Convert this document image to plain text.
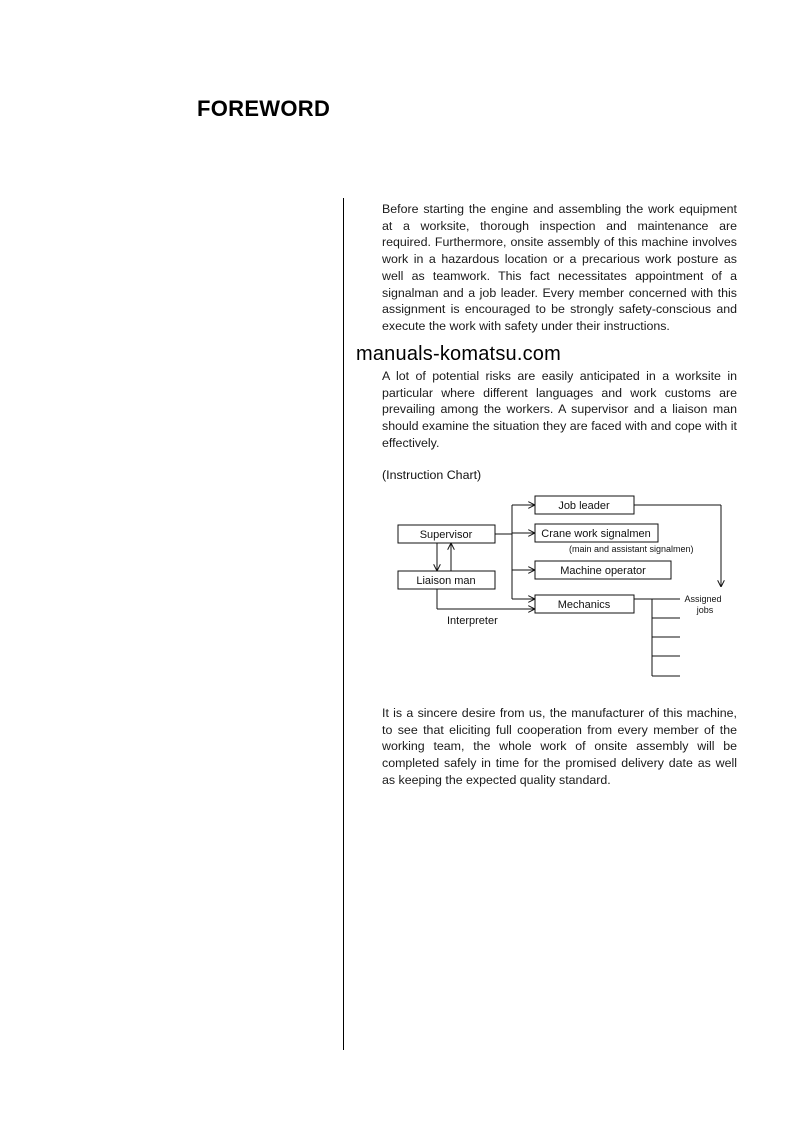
FOREWORD

Before starting the engine and assembling the work equipment at a worksite, thorough inspection and maintenance are required. Furthermore, onsite assembly of this machine involves work in a hazardous location or a precarious work posture as well as teamwork. This fact necessitates appointment of a signalman and a job leader. Every member concerned with this assignment is encouraged to be strongly safety-conscious and execute the work with safety under their instructions.

manuals-komatsu.com

A lot of potential risks are easily anticipated in a worksite in particular where different languages and work customs are prevailing among the workers. A supervisor and a liaison man should examine the situation they are faced with and cope with it effectively.

(Instruction Chart)

Supervisor
Liaison man
Job leader
Crane work signalmen
(main and assistant signalmen)
Machine operator
Mechanics	Assigned
jobs
Interpreter

It is a sincere desire from us, the manufacturer of this machine, to see that eliciting full cooperation from every member of the working team, the whole work of onsite assembly will be completed safely in time for the promised delivery date as well as keeping the expected quality standard.
